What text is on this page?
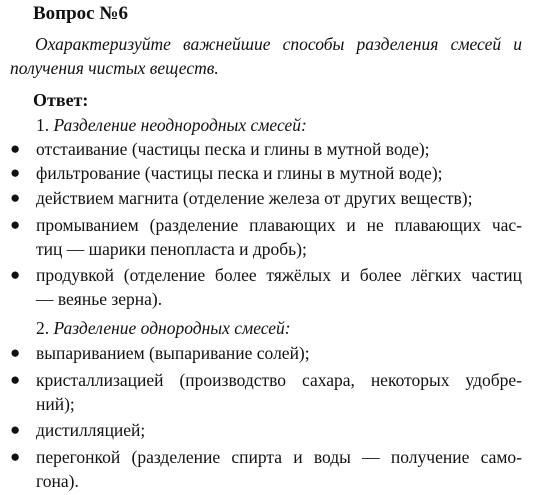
Вопрос №6
Охарактеризуйте важнейшие способы разделения смесей и получения чистых веществ.
Ответ:
1. Разделение неоднородных смесей:
● отстаивание (частицы песка и глины в мутной воде);
● фильтрование (частицы песка и глины в мутной воде);
● действием магнита (отделение железа от других веществ);
● промыванием (разделение плавающих и не плавающих час-
тиц — шарики пенопласта и дробь);
● продувкой (отделение более тяжёлых и более лёгких частиц
— веянье зерна).
2. Разделение однородных смесей:
● выпариванием (выпаривание солей);
● кристаллизацией (производство сахара, некоторых удобре-
ний);
● дистилляцией;
● перегонкой (разделение спирта и воды — получение само-
гона).
